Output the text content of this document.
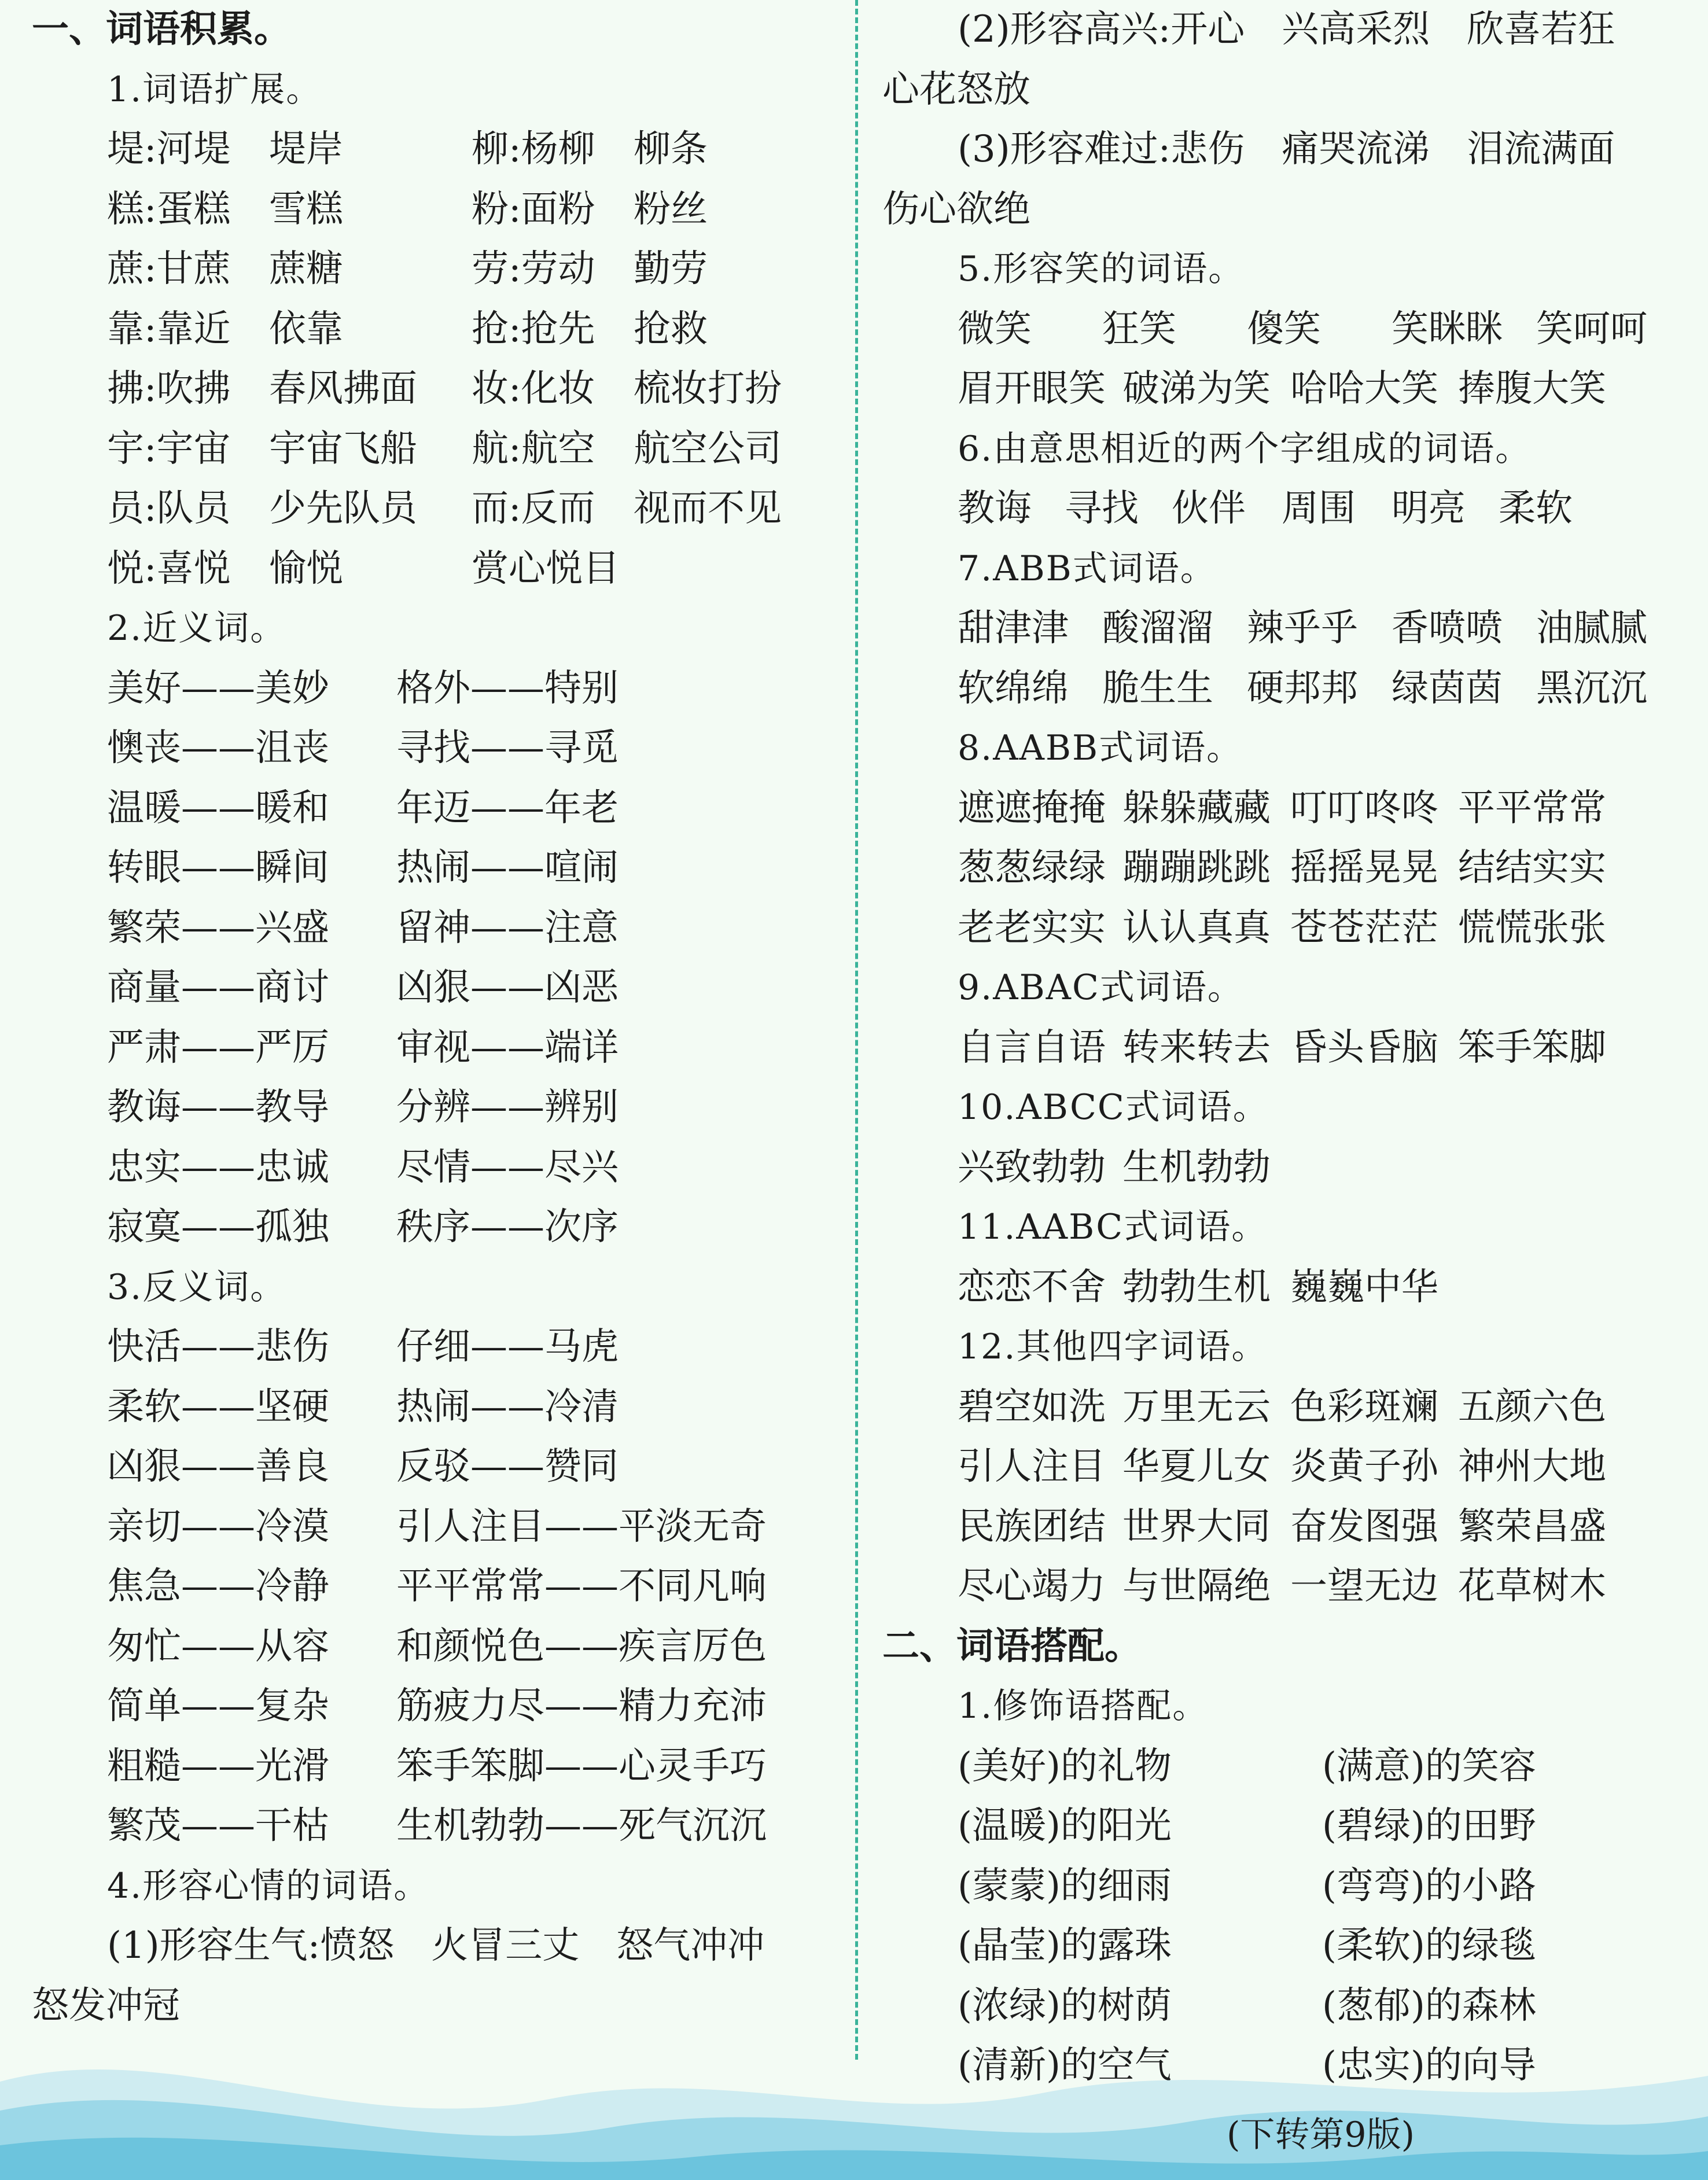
一、词语积累。
1.词语扩展。
堤:河堤 堤岸	柳:杨柳 柳条
糕:蛋糕 雪糕	粉:面粉 粉丝
蔗:甘蔗 蔗糖	劳:劳动 勤劳
靠:靠近 依靠	抢:抢先 抢救
拂:吹拂 春风拂面 妆:化妆 梳妆打扮
宇:宇宙 宇宙飞船 航:航空 航空公司
员:队员 少先队员 而:反而 视而不见
悦:喜悦 愉悦	赏心悦目
2.近义词。
美好——美妙 格外——特别
懊丧——沮丧 寻找——寻觅
温暖——暖和 年迈——年老
转眼——瞬间 热闹——喧闹
繁荣——兴盛 留神——注意
商量——商讨 凶狠——凶恶
严肃——严厉 审视——端详
教诲——教导 分辨——辨别
忠实——忠诚 尽情——尽兴
寂寞——孤独 秩序——次序
3.反义词。
快活——悲伤 仔细——马虎
柔软——坚硬 热闹——冷清
凶狠——善良 反驳——赞同
亲切——冷漠 引人注目——平淡无奇
焦急——冷静 平平常常——不同凡响
匆忙——从容 和颜悦色——疾言厉色
简单——复杂 筋疲力尽——精力充沛
粗糙——光滑 笨手笨脚——心灵手巧
繁茂——干枯 生机勃勃——死气沉沉
4.形容心情的词语。
(1)形容生气:愤怒　火冒三丈　怒气冲冲
怒发冲冠
(2)形容高兴:开心　兴高采烈　欣喜若狂
心花怒放
(3)形容难过:悲伤　痛哭流涕　泪流满面
伤心欲绝
5.形容笑的词语。
微笑 狂笑 傻笑 笑眯眯 笑呵呵
眉开眼笑 破涕为笑 哈哈大笑 捧腹大笑
6.由意思相近的两个字组成的词语。
教诲 寻找 伙伴 周围 明亮 柔软
7.ABB式词语。
甜津津 酸溜溜 辣乎乎 香喷喷 油腻腻
软绵绵 脆生生 硬邦邦 绿茵茵 黑沉沉
8.AABB式词语。
遮遮掩掩 躲躲藏藏 叮叮咚咚 平平常常
葱葱绿绿 蹦蹦跳跳 摇摇晃晃 结结实实
老老实实 认认真真 苍苍茫茫 慌慌张张
9.ABAC式词语。
自言自语 转来转去 昏头昏脑 笨手笨脚
10.ABCC式词语。
兴致勃勃 生机勃勃
11.AABC式词语。
恋恋不舍 勃勃生机 巍巍中华
12.其他四字词语。
碧空如洗 万里无云 色彩斑斓 五颜六色
引人注目 华夏儿女 炎黄子孙 神州大地
民族团结 世界大同 奋发图强 繁荣昌盛
尽心竭力 与世隔绝 一望无边 花草树木
二、词语搭配。
1.修饰语搭配。
(美好)的礼物	(满意)的笑容
(温暖)的阳光	(碧绿)的田野
(蒙蒙)的细雨	(弯弯)的小路
(晶莹)的露珠	(柔软)的绿毯
(浓绿)的树荫	(葱郁)的森林
(清新)的空气	(忠实)的向导
(下转第9版)
